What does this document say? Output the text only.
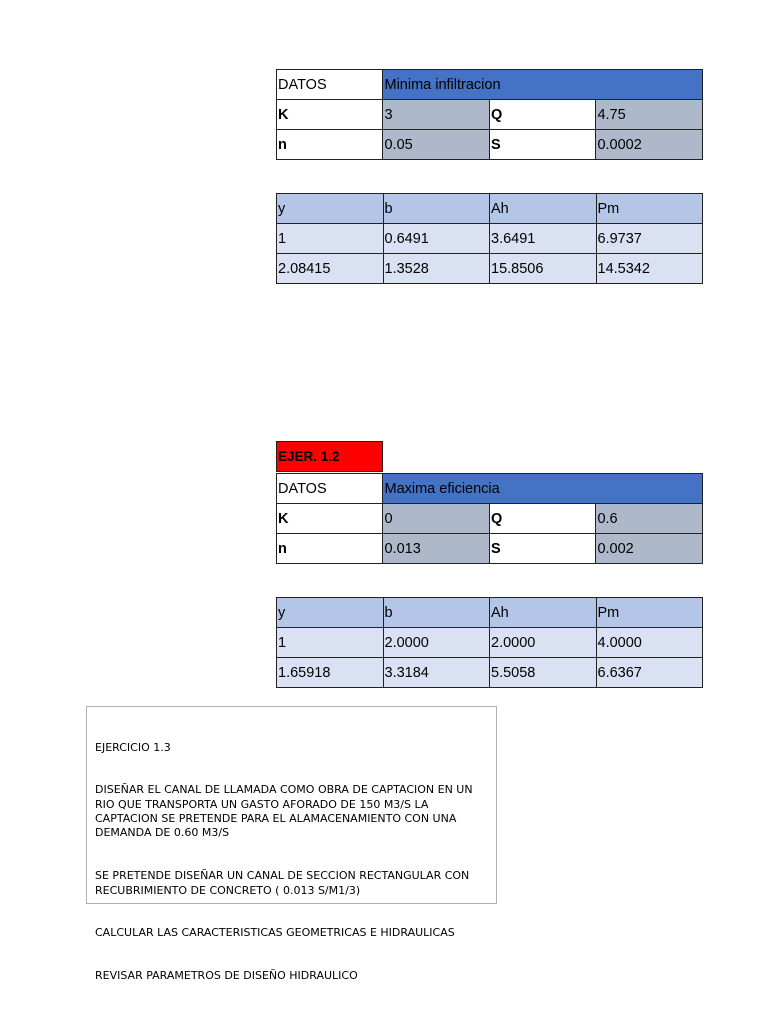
DATOS	Minima infiltracion		
K	3	Q	4.75
n	0.05	S	0.0002
y	b	Ah	Pm
1	0.6491	3.6491	6.9737
2.08415	1.3528	15.8506	14.5342
EJER. 1.2
DATOS	Maxima eficiencia		
K	0	Q	0.6
n	0.013	S	0.002
y	b	Ah	Pm
1	2.0000	2.0000	4.0000
1.65918	3.3184	5.5058	6.6367

EJERCICIO 1.3

DISEÑAR EL CANAL DE LLAMADA COMO OBRA DE CAPTACION EN UN RIO QUE TRANSPORTA UN GASTO AFORADO DE 150 M3/S LA CAPTACION SE PRETENDE PARA EL ALAMACENAMIENTO CON UNA DEMANDA DE 0.60 M3/S

SE PRETENDE DISEÑAR UN CANAL DE SECCION RECTANGULAR CON RECUBRIMIENTO DE CONCRETO ( 0.013 S/M1/3)

CALCULAR LAS CARACTERISTICAS GEOMETRICAS E HIDRAULICAS

REVISAR PARAMETROS DE DISEÑO HIDRAULICO
